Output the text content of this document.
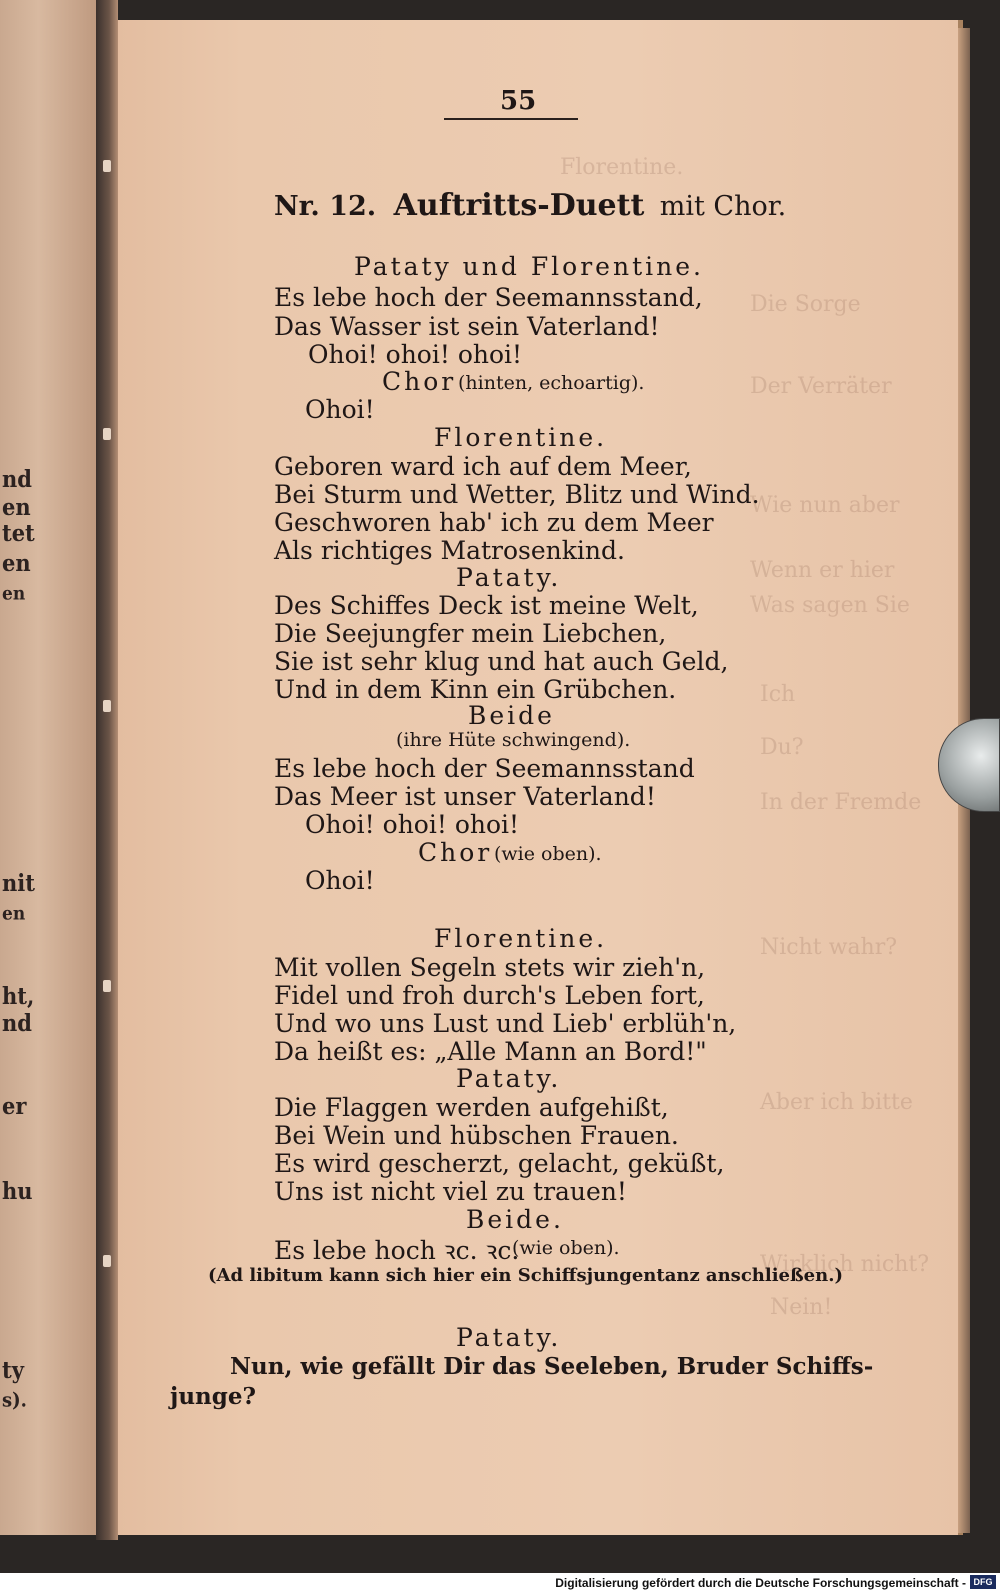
nd
en
tet
en
en
nit
en
ht,
nd
er
hu
ty
s).
Florentine.
Die Sorge
Der Verräter
Wie nun aber
Wenn er hier
Was sagen Sie
Ich
Du?
In der Fremde
Nicht wahr?
Aber ich bitte
Wirklich nicht?
Nein!
55
Nr. 12. Auftritts-Duett mit Chor.
Pataty und Florentine.
Es lebe hoch der Seemannsstand,
Das Wasser ist sein Vaterland!
Ohoi! ohoi! ohoi!
Chor (hinten, echoartig).
Ohoi!
Florentine.
Geboren ward ich auf dem Meer,
Bei Sturm und Wetter, Blitz und Wind.
Geschworen hab' ich zu dem Meer
Als richtiges Matrosenkind.
Pataty.
Des Schiffes Deck ist meine Welt,
Die Seejungfer mein Liebchen,
Sie ist sehr klug und hat auch Geld,
Und in dem Kinn ein Grübchen.
Beide
(ihre Hüte schwingend).
Es lebe hoch der Seemannsstand
Das Meer ist unser Vaterland!
Ohoi! ohoi! ohoi!
Chor (wie oben).
Ohoi!
Florentine.
Mit vollen Segeln stets wir zieh'n,
Fidel und froh durch's Leben fort,
Und wo uns Lust und Lieb' erblüh'n,
Da heißt es: „Alle Mann an Bord!"
Pataty.
Die Flaggen werden aufgehißt,
Bei Wein und hübschen Frauen.
Es wird gescherzt, gelacht, geküßt,
Uns ist nicht viel zu trauen!
Beide.
Es lebe hoch ꝛc. ꝛc.
(wie oben).
(Ad libitum kann sich hier ein Schiffsjungentanz anschließen.)
Pataty.
Nun, wie gefällt Dir das Seeleben, Bruder Schiffs-
junge?
Digitalisierung gefördert durch die Deutsche Forschungsgemeinschaft - DFG
